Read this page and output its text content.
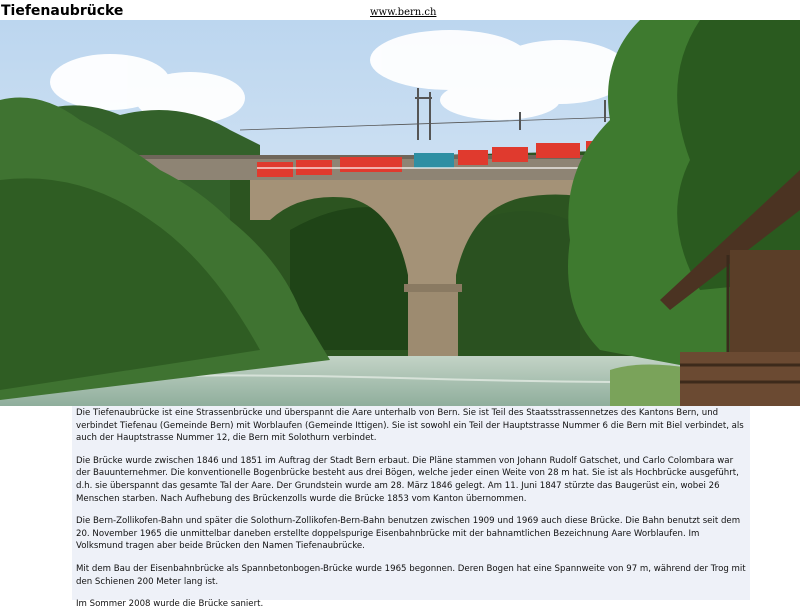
Tiefenaubrücke	www.bern.ch

Die Tiefenaubrücke ist eine Strassenbrücke und überspannt die Aare unterhalb von Bern. Sie ist Teil des Staatsstrassennetzes des Kantons Bern, und verbindet Tiefenau (Gemeinde Bern) mit Worblaufen (Gemeinde Ittigen). Sie ist sowohl ein Teil der Hauptstrasse Nummer 6 die Bern mit Biel verbindet, als auch der Hauptstrasse Nummer 12, die Bern mit Solothurn verbindet.

Die Brücke wurde zwischen 1846 und 1851 im Auftrag der Stadt Bern erbaut. Die Pläne stammen von Johann Rudolf Gatschet, und Carlo Colombara war der Bauunternehmer. Die konventionelle Bogenbrücke besteht aus drei Bögen, welche jeder einen Weite von 28 m hat. Sie ist als Hochbrücke ausgeführt, d.h. sie überspannt das gesamte Tal der Aare. Der Grundstein wurde am 28. März 1846 gelegt. Am 11. Juni 1847 stürzte das Baugerüst ein, wobei 26 Menschen starben. Nach Aufhebung des Brückenzolls wurde die Brücke 1853 vom Kanton übernommen.

Die Bern-Zollikofen-Bahn und später die Solothurn-Zollikofen-Bern-Bahn benutzen zwischen 1909 und 1969 auch diese Brücke. Die Bahn benutzt seit dem 20. November 1965 die unmittelbar daneben erstellte doppelspurige Eisenbahnbrücke mit der bahnamtlichen Bezeichnung Aare Worblaufen. Im Volksmund tragen aber beide Brücken den Namen Tiefenaubrücke.

Mit dem Bau der Eisenbahnbrücke als Spannbetonbogen-Brücke wurde 1965 begonnen. Deren Bogen hat eine Spannweite von 97 m, während der Trog mit den Schienen 200 Meter lang ist.

Im Sommer 2008 wurde die Brücke saniert.
